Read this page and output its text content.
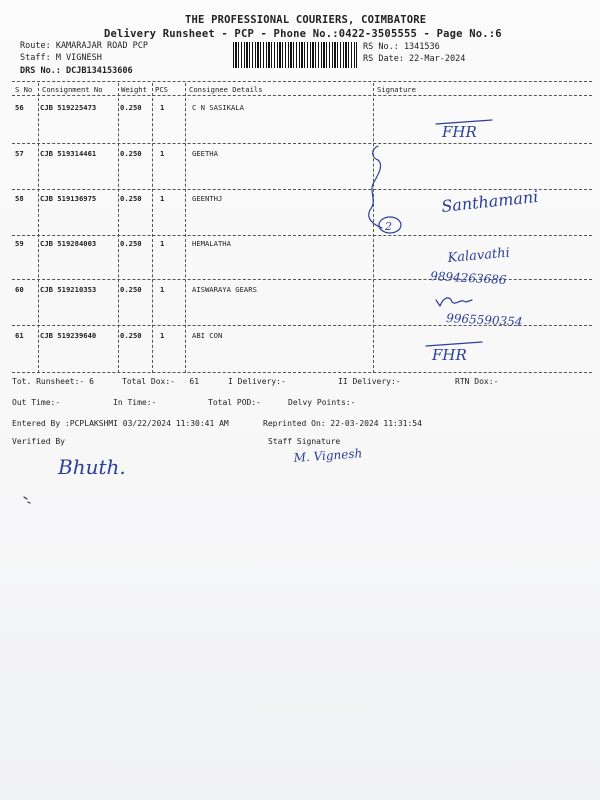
THE PROFESSIONAL COURIERS, COIMBATORE
Delivery Runsheet - PCP - Phone No.:0422-3505555 - Page No.:6
Route: KAMARAJAR ROAD PCP
Staff: M VIGNESH
DRS No.: DCJB134153606
RS No.: 1341536
RS Date: 22-Mar-2024
S No Consignment No	Weight PCS	Consignee Details	Signature
56 CJB 519225473	0.250	1	C N SASIKALA
57 CJB 519314461	0.250	1	GEETHA
58 CJB 519136975	0.250	1	GEENTHJ
59 CJB 519284003	0.250	1	HEMALATHA
60 CJB 519210353	0.250	1	AISWARAYA GEARS
61 CJB 519239640	0.250	1	ABI CON
Tot. Runsheet:- 6	Total Dox:-   61	I Delivery:-	II Delivery:-	RTN Dox:-
Out Time:-	In Time:-	Total POD:-	Delvy Points:-
Entered By :PCPLAKSHMI 03/22/2024 11:30:41 AM	Reprinted On: 22-03-2024 11:31:54
Verified By	Staff Signature
FHR
2
Santhamani
Kalavathi
9894263686
9965590354
FHR
Bhuth.	M. Vignesh
